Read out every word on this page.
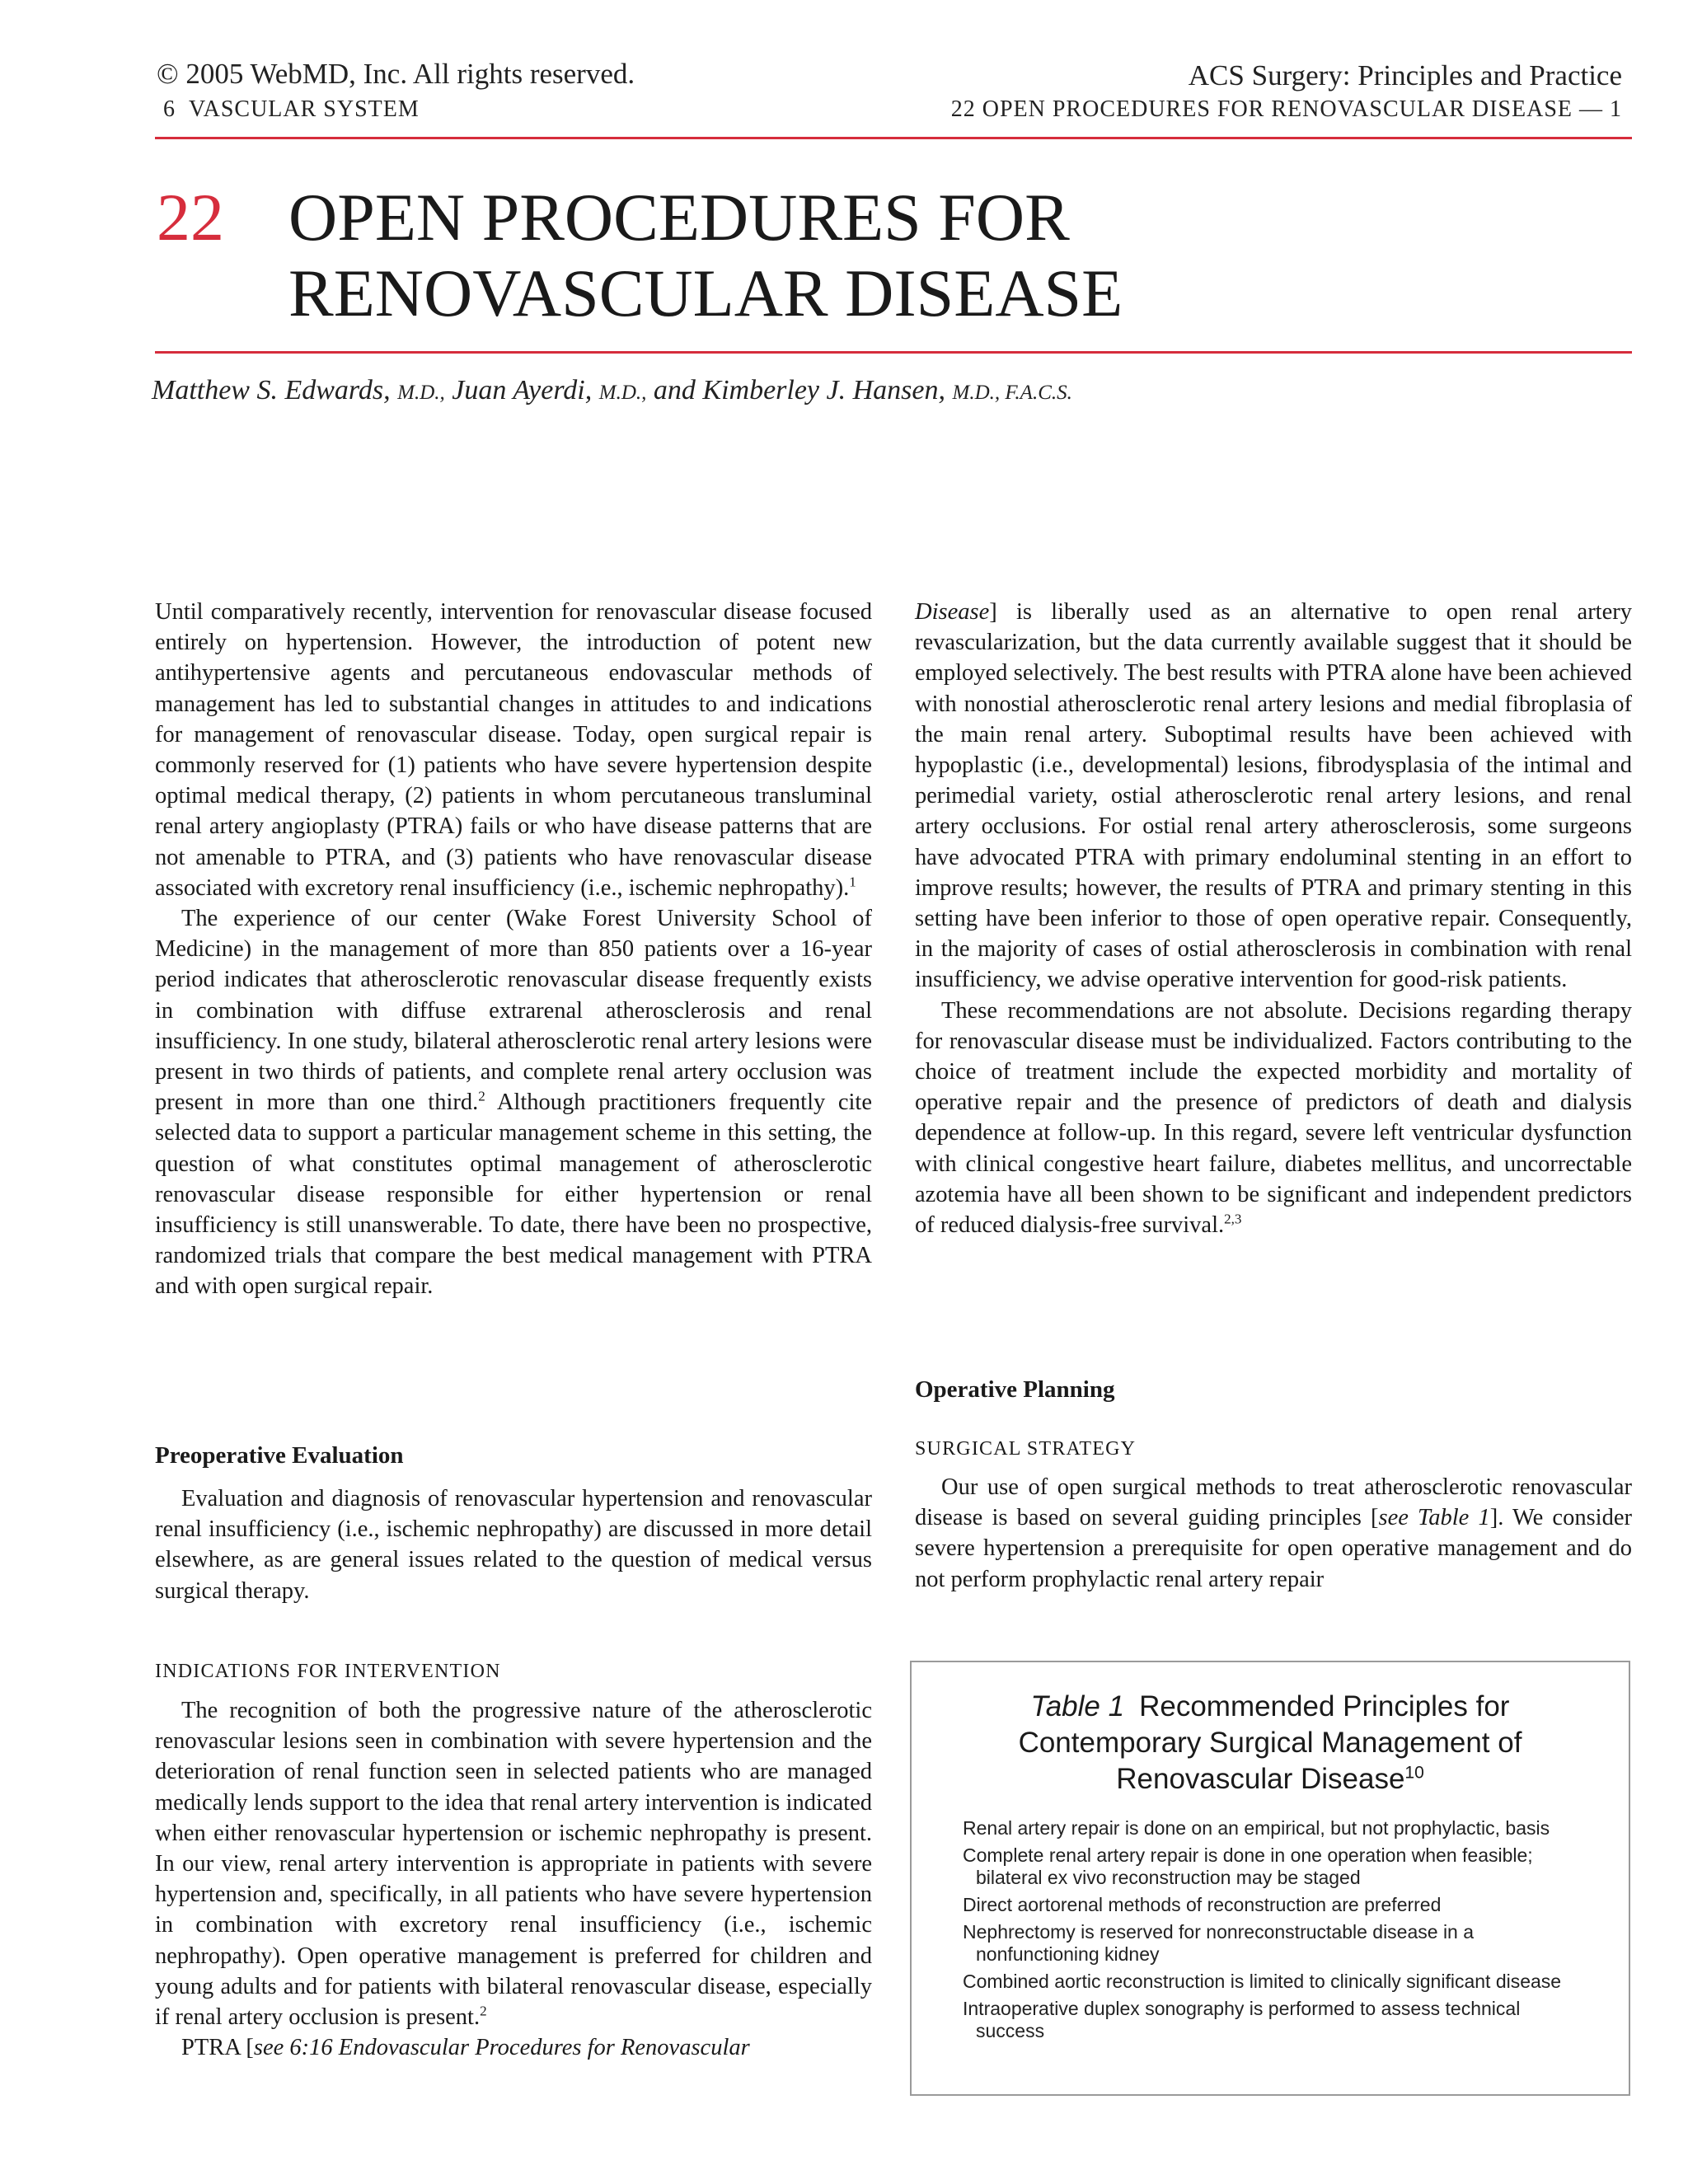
© 2005 WebMD, Inc. All rights reserved.
6 VASCULAR SYSTEM
ACS Surgery: Principles and Practice
22 OPEN PROCEDURES FOR RENOVASCULAR DISEASE — 1
22 OPEN PROCEDURES FOR
RENOVASCULAR DISEASE
Matthew S. Edwards, M.D., Juan Ayerdi, M.D., and Kimberley J. Hansen, M.D., F.A.C.S.

Until comparatively recently, intervention for renovascular disease focused entirely on hypertension. However, the introduction of potent new antihypertensive agents and percutaneous endovascular methods of management has led to substantial changes in attitudes to and indications for management of renovascular disease. Today, open surgical repair is commonly reserved for (1) patients who have severe hypertension despite optimal medical therapy, (2) patients in whom percutaneous transluminal renal artery angioplasty (PTRA) fails or who have disease patterns that are not amenable to PTRA, and (3) patients who have renovascular disease associated with excretory renal insufficiency (i.e., ischemic nephropathy).$^1$

The experience of our center (Wake Forest University School of Medicine) in the management of more than 850 patients over a 16-year period indicates that atherosclerotic renovascular disease frequently exists in combination with diffuse extrarenal atherosclerosis and renal insufficiency. In one study, bilateral atherosclerotic renal artery lesions were present in two thirds of patients, and complete renal artery occlusion was present in more than one third.$^2$ Although practitioners frequently cite selected data to support a particular management scheme in this setting, the question of what constitutes optimal management of atherosclerotic renovascular disease responsible for either hypertension or renal insufficiency is still unanswerable. To date, there have been no prospective, randomized trials that compare the best medical management with PTRA and with open surgical repair.

Preoperative Evaluation

Evaluation and diagnosis of renovascular hypertension and renovascular renal insufficiency (i.e., ischemic nephropathy) are discussed in more detail elsewhere, as are general issues related to the question of medical versus surgical therapy.

INDICATIONS FOR INTERVENTION

The recognition of both the progressive nature of the atherosclerotic renovascular lesions seen in combination with severe hypertension and the deterioration of renal function seen in selected patients who are managed medically lends support to the idea that renal artery intervention is indicated when either renovascular hypertension or ischemic nephropathy is present. In our view, renal artery intervention is appropriate in patients with severe hypertension and, specifically, in all patients who have severe hypertension in combination with excretory renal insufficiency (i.e., ischemic nephropathy). Open operative management is preferred for children and young adults and for patients with bilateral renovascular disease, especially if renal artery occlusion is present.$^2$

PTRA [see 6:16 Endovascular Procedures for Renovascular

Disease] is liberally used as an alternative to open renal artery revascularization, but the data currently available suggest that it should be employed selectively. The best results with PTRA alone have been achieved with nonostial atherosclerotic renal artery lesions and medial fibroplasia of the main renal artery. Suboptimal results have been achieved with hypoplastic (i.e., developmental) lesions, fibrodysplasia of the intimal and perimedial variety, ostial atherosclerotic renal artery lesions, and renal artery occlusions. For ostial renal artery atherosclerosis, some surgeons have advocated PTRA with primary endoluminal stenting in an effort to improve results; however, the results of PTRA and primary stenting in this setting have been inferior to those of open operative repair. Consequently, in the majority of cases of ostial atherosclerosis in combination with renal insufficiency, we advise operative intervention for good-risk patients.

These recommendations are not absolute. Decisions regarding therapy for renovascular disease must be individualized. Factors contributing to the choice of treatment include the expected morbidity and mortality of operative repair and the presence of predictors of death and dialysis dependence at follow-up. In this regard, severe left ventricular dysfunction with clinical congestive heart failure, diabetes mellitus, and uncorrectable azotemia have all been shown to be significant and independent predictors of reduced dialysis-free survival.$^{2,3}$

Operative Planning
SURGICAL STRATEGY

Our use of open surgical methods to treat atherosclerotic renovascular disease is based on several guiding principles [see Table 1]. We consider severe hypertension a prerequisite for open operative management and do not perform prophylactic renal artery repair

Table 1 Recommended Principles for
Contemporary Surgical Management of
Renovascular Disease$^{10}$
Renal artery repair is done on an empirical, but not prophylactic, basis
Complete renal artery repair is done in one operation when feasible; bilateral ex vivo reconstruction may be staged
Direct aortorenal methods of reconstruction are preferred
Nephrectomy is reserved for nonreconstructable disease in a nonfunctioning kidney
Combined aortic reconstruction is limited to clinically significant disease
Intraoperative duplex sonography is performed to assess technical success
